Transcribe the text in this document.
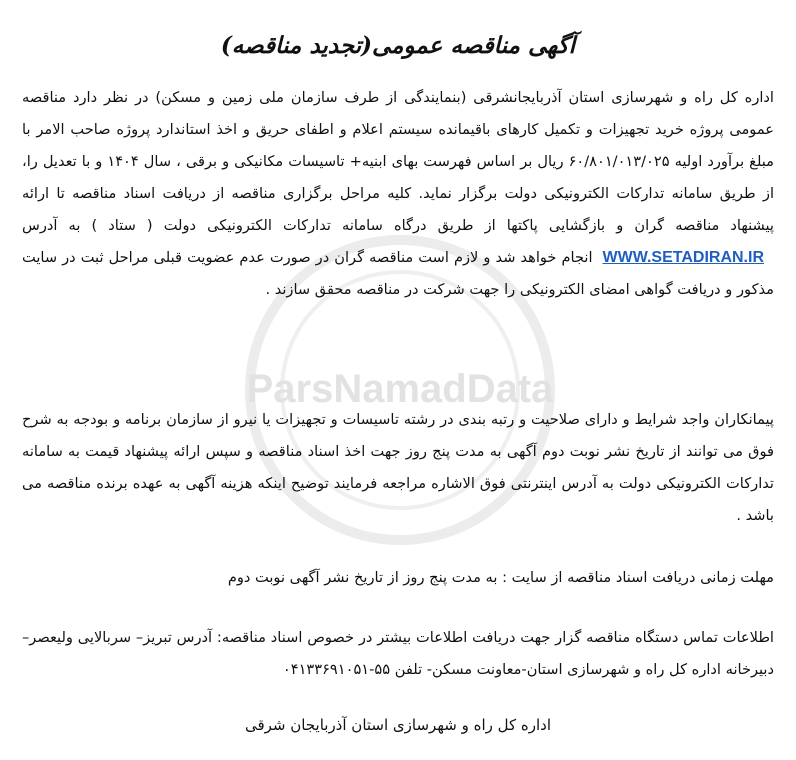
ParsNamadData
آگهی مناقصه عمومی(تجدید مناقصه)

اداره کل راه و شهرسازی استان آذربایجانشرقی (بنمایندگی از طرف سازمان ملی زمین و مسکن) در نظر دارد مناقصه عمومی پروژه خرید تجهیزات و تکمیل کارهای باقیمانده سیستم اعلام و اطفای حریق و اخذ استاندارد پروژه صاحب الامر با مبلغ برآورد اولیه ۶۰/۸۰۱/۰۱۳/۰۲۵ ریال بر اساس فهرست بهای ابنیه+ تاسیسات مکانیکی و برقی ، سال ۱۴۰۴ و با تعدیل را، از طریق سامانه تدارکات الکترونیکی دولت برگزار نماید. کلیه مراحل برگزاری مناقصه از دریافت اسناد مناقصه تا ارائه پیشنهاد مناقصه گران و بازگشایی پاکتها از طریق درگاه سامانه تدارکات الکترونیکی دولت ( ستاد ) به آدرسWWW.SETADIRAN.IRانجام خواهد شد و لازم است مناقصه گران در صورت عدم عضویت قبلی مراحل ثبت در سایت مذکور و دریافت گواهی امضای الکترونیکی را جهت شرکت در مناقصه محقق سازند .

پیمانکاران واجد شرایط و دارای صلاحیت و رتبه بندی در رشته تاسیسات و تجهیزات یا نیرو از سازمان برنامه و بودجه به شرح فوق می توانند از تاریخ نشر نوبت دوم آگهی به مدت پنج روز جهت اخذ اسناد مناقصه و سپس ارائه پیشنهاد قیمت به سامانه تدارکات الکترونیکی دولت به آدرس اینترنتی فوق الاشاره مراجعه فرمایند توضیح اینکه هزینه آگهی به عهده برنده مناقصه می باشد .

مهلت زمانی دریافت اسناد مناقصه از سایت : به مدت پنج روز از تاریخ نشر آگهی نوبت دوم

اطلاعات تماس دستگاه مناقصه گزار جهت دریافت اطلاعات بیشتر در خصوص اسناد مناقصه: آدرس تبریز– سربالایی ولیعصر– دبیرخانه اداره کل راه و شهرسازی استان-معاونت مسکن- تلفن ۵۵-۰۴۱۳۳۶۹۱۰۵۱

اداره کل راه و شهرسازی استان آذربایجان شرقی
